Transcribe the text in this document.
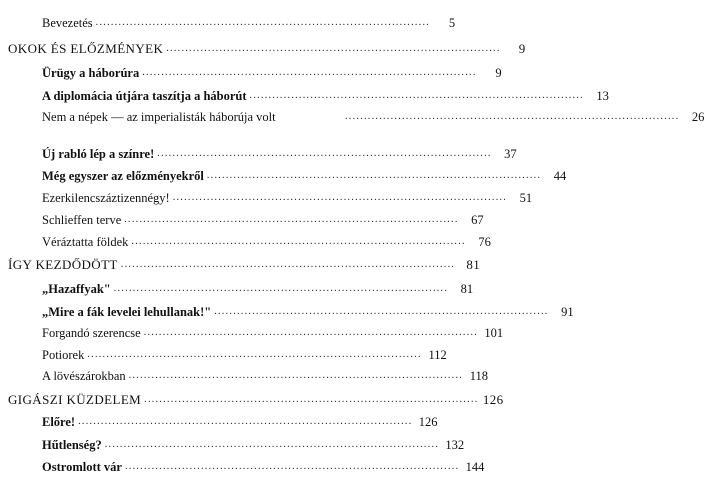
Bevezetés ........................................................................................	5
OKOK ÉS ELŐZMÉNYEK ........................................................................................	9
Ürügy a háborúra ........................................................................................	9
A diplomácia útjára taszítja a háborút ........................................................................................	13
Nem a népek — az imperialisták háborúja volt	........................................................................................	26
Új rabló lép a színre! ........................................................................................	37
Még egyszer az előzményekről ........................................................................................	44
Ezerkilencszáztizennégy! ........................................................................................	51
Schlieffen terve ........................................................................................	67
Véráztatta földek ........................................................................................	76
ÍGY KEZDŐDÖTT ........................................................................................ 81
„Hazaffyak" ........................................................................................	81
„Mire a fák levelei lehullanak!" ........................................................................................	91
Forgandó szerencse ........................................................................................ 101
Potiorek ........................................................................................ 112
A lövészárokban ........................................................................................ 118
GIGÁSZI KÜZDELEM ........................................................................................ 126
Előre! ........................................................................................ 126
Hűtlenség? ........................................................................................ 132
Ostromlott vár ........................................................................................ 144
